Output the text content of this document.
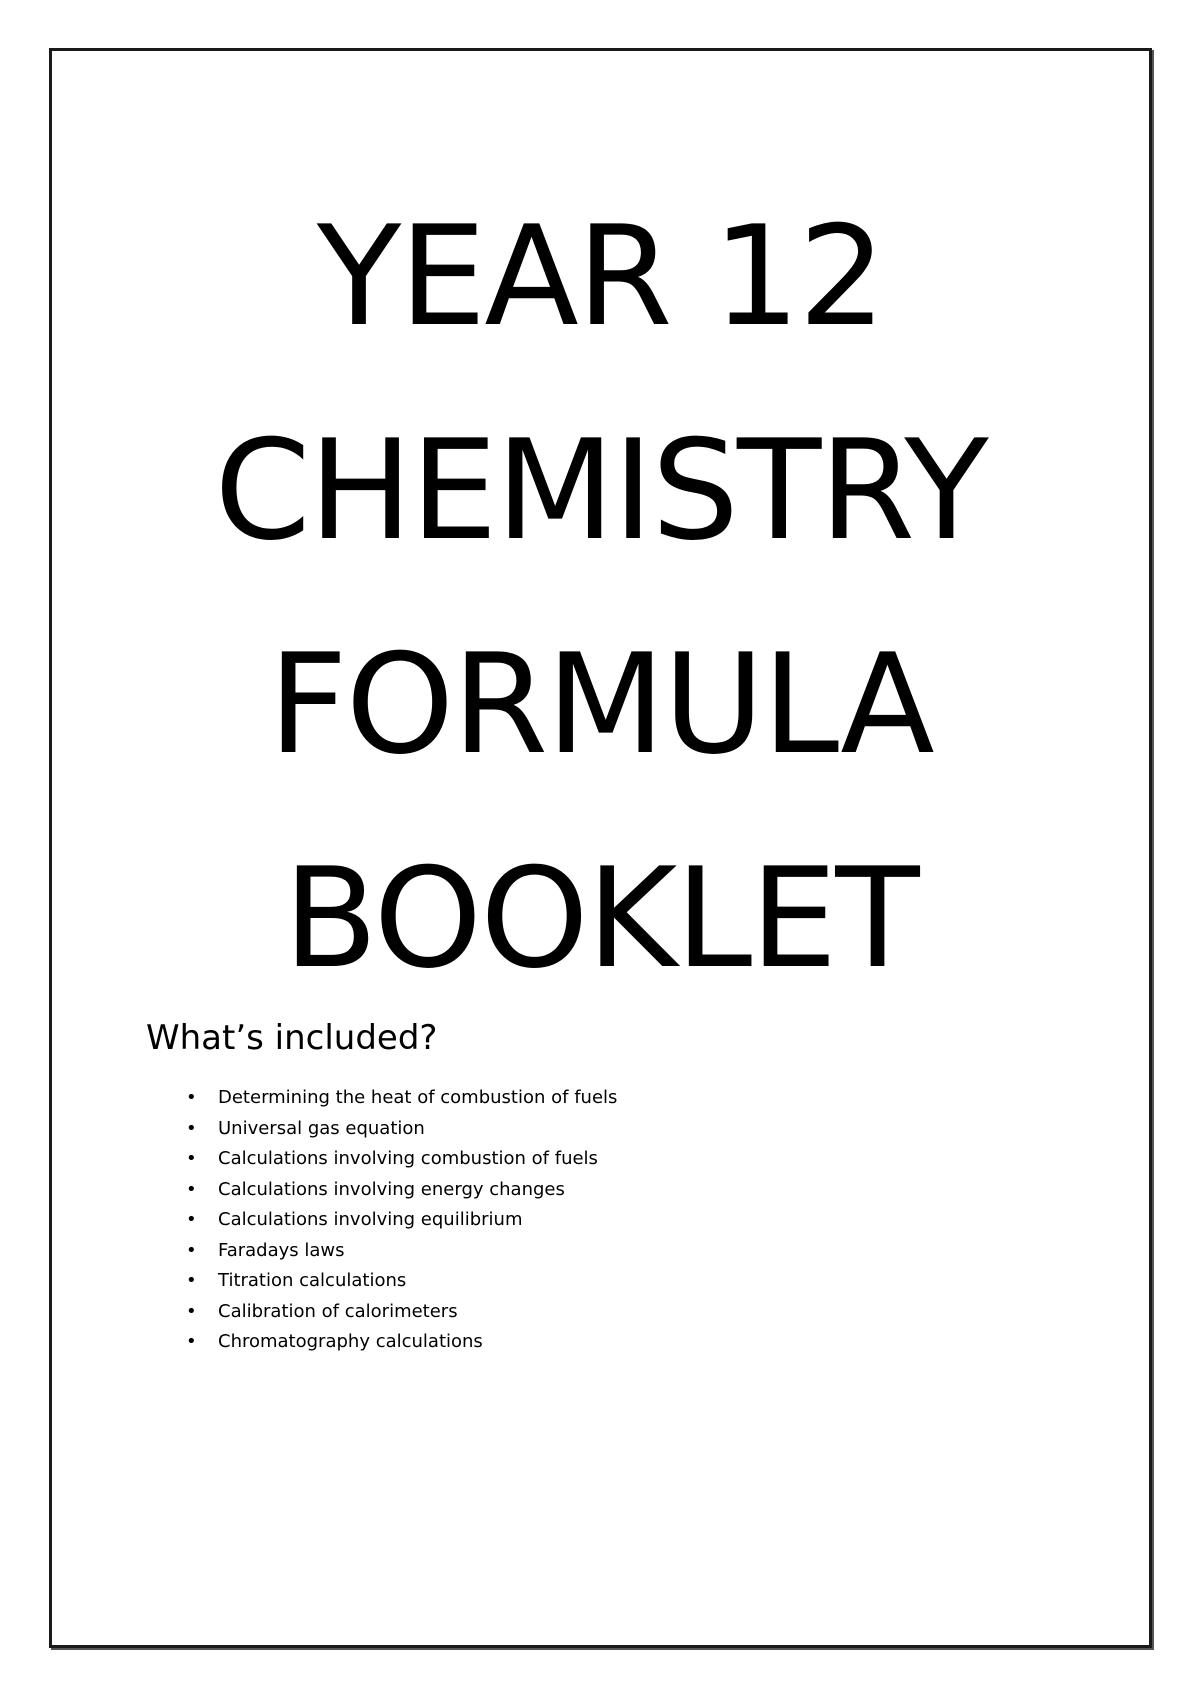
YEAR 12
CHEMISTRY
FORMULA
BOOKLET
What’s included?
• Determining the heat of combustion of fuels
• Universal gas equation
• Calculations involving combustion of fuels
• Calculations involving energy changes
• Calculations involving equilibrium
• Faradays laws
• Titration calculations
• Calibration of calorimeters
• Chromatography calculations
